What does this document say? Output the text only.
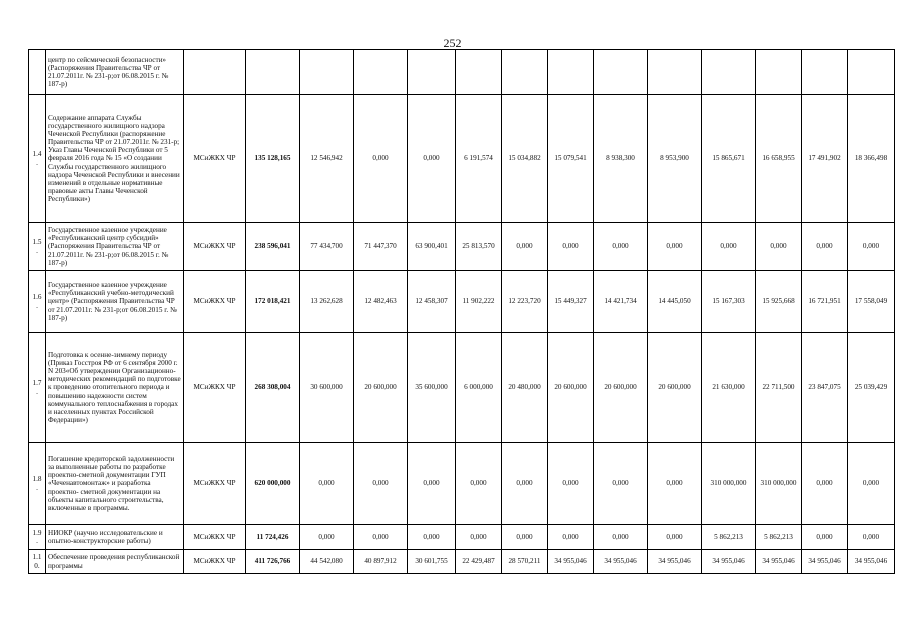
252
	центр по сейсмической безопасности» (Распоряжения Правительства ЧР от 21.07.2011г. № 231-р;от 06.08.2015 г. № 187-р)														
1.4 .	Содержание аппарата Службы государственного жилищного надзора Чеченской Республики (распоряжение Правительства ЧР от 21.07.2011г. № 231-р; Указ Главы Чеченской Республики от 5 февраля 2016 года № 15 «О создании Службы государственного жилищного надзора Чеченской Республики и внесении изменений в отдельные нормативные правовые акты Главы Чеченской Республики»)	МСиЖКХ ЧР	135 128,165	12 546,942	0,000	0,000	6 191,574	15 034,882	15 079,541	8 938,300	8 953,900	15 865,671	16 658,955	17 491,902	18 366,498
1.5 .	Государственное казенное учреждение «Республиканский центр субсидий» (Распоряжения Правительства ЧР от 21.07.2011г. № 231-р;от 06.08.2015 г. № 187-р)	МСиЖКХ ЧР	238 596,041	77 434,700	71 447,370	63 900,401	25 813,570	0,000	0,000	0,000	0,000	0,000	0,000	0,000	0,000
1.6 .	Государственное казенное учреждение «Республиканский учебно-методический центр» (Распоряжения Правительства ЧР от 21.07.2011г. № 231-р;от 06.08.2015 г. № 187-р)	МСиЖКХ ЧР	172 018,421	13 262,628	12 482,463	12 458,307	11 902,222	12 223,720	15 449,327	14 421,734	14 445,050	15 167,303	15 925,668	16 721,951	17 558,049
1.7 .	Подготовка к осенне-зимнему периоду (Приказ Госстроя РФ от 6 сентября 2000 г. N 203«Об утверждении Организационно-методических рекомендаций по подготовке к проведению отопительного периода и повышению надежности систем коммунального теплоснабжения в городах и населенных пунктах Российской Федерации»)	МСиЖКХ ЧР	268 308,004	30 600,000	20 600,000	35 600,000	6 000,000	20 480,000	20 600,000	20 600,000	20 600,000	21 630,000	22 711,500	23 847,075	25 039,429
1.8 .	Погашение кредиторской задолженности за выполненные работы по разработке проектно-сметной документации ГУП «Чеченавтомонтаж» и разработка проектно- сметной документации на объекты капитального строительства, включенные в программы.	МСиЖКХ ЧР	620 000,000	0,000	0,000	0,000	0,000	0,000	0,000	0,000	0,000	310 000,000	310 000,000	0,000	0,000
1.9 .	НИОКР (научно исследовательские и опытно-конструкторские работы)	МСиЖКХ ЧР	11 724,426	0,000	0,000	0,000	0,000	0,000	0,000	0,000	0,000	5 862,213	5 862,213	0,000	0,000
1.1 0.	Обеспечение проведения республиканской программы	МСиЖКХ ЧР	411 726,766	44 542,080	40 897,912	30 601,755	22 429,487	28 570,211	34 955,046	34 955,046	34 955,046	34 955,046	34 955,046	34 955,046	34 955,046
